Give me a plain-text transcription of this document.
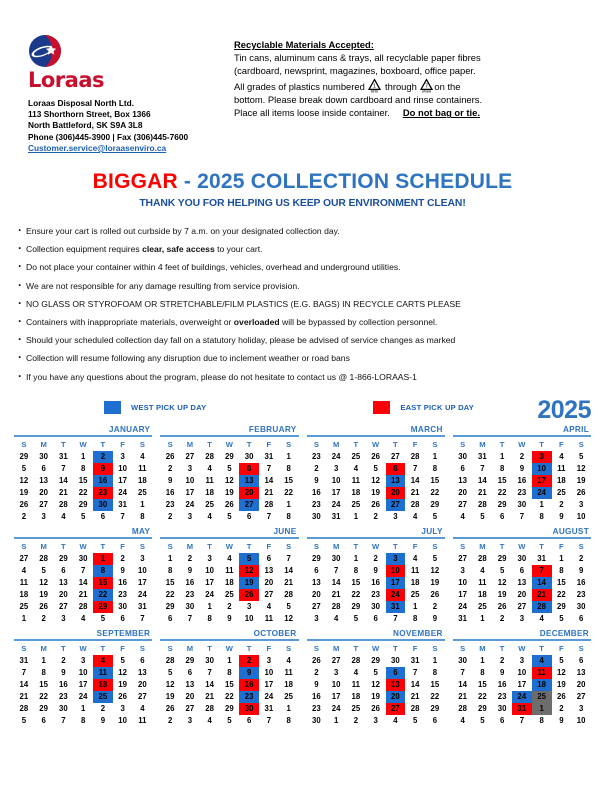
Loraas
Loraas Disposal North Ltd.
113 Shorthorn Street, Box 1366
North Battleford, SK S9A 3L8
Phone (306)445-3900 | Fax (306)445-7600
Customer.service@loraasenviro.ca
Recyclable Materials Accepted:
Tin cans, aluminum cans & trays, all recyclable paper fibres
(cardboard, newsprint, magazines, boxboard, office paper.
All grades of plastics numbered 1
PETE through 7
OTHER
on the
bottom. Please break down cardboard and rinse containers.
Place all items loose inside container. Do not bag or tie.
BIGGAR - 2025 COLLECTION SCHEDULE
THANK YOU FOR HELPING US KEEP OUR ENVIRONMENT CLEAN!
· Ensure your cart is rolled out curbside by 7 a.m. on your designated collection day.
· Collection equipment requires clear, safe access to your cart.
· Do not place your container within 4 feet of buildings, vehicles, overhead and underground utilities.
· We are not responsible for any damage resulting from service provision.
· NO GLASS OR STYROFOAM OR STRETCHABLE/FILM PLASTICS (E.G. BAGS) IN RECYCLE CARTS PLEASE
· Containers with inappropriate materials, overweight or overloaded will be bypassed by collection personnel.
· Should your scheduled collection day fall on a statutory holiday, please be advised of service changes as marked
· Collection will resume following any disruption due to inclement weather or road bans
· If you have any questions about the program, please do not hesitate to contact us @ 1-866-LORAAS-1
WEST PICK UP DAY	EAST PICK UP DAY	2025
JANUARY
S	M	T	W	T	F	S
29	30	31	1	2	3	4
5	6	7	8	9	10	11
12	13	14	15	16	17	18
19	20	21	22	23	24	25
26	27	28	29	30	31	1
2	3	4	5	6	7	8
FEBRUARY
S	M	T	W	T	F	S
26	27	28	29	30	31	1
2	3	4	5	6	7	8
9	10	11	12	13	14	15
16	17	18	19	20	21	22
23	24	25	26	27	28	1
2	3	4	5	6	7	8
MARCH
S	M	T	W	T	F	S
23	24	25	26	27	28	1
2	3	4	5	6	7	8
9	10	11	12	13	14	15
16	17	18	19	20	21	22
23	24	25	26	27	28	29
30	31	1	2	3	4	5
APRIL
S	M	T	W	T	F	S
30	31	1	2	3	4	5
6	7	8	9	10	11	12
13	14	15	16	17	18	19
20	21	22	23	24	25	26
27	28	29	30	1	2	3
4	5	6	7	8	9	10
MAY
S	M	T	W	T	F	S
27	28	29	30	1	2	3
4	5	6	7	8	9	10
11	12	13	14	15	16	17
18	19	20	21	22	23	24
25	26	27	28	29	30	31
1	2	3	4	5	6	7
JUNE
S	M	T	W	T	F	S
1	2	3	4	5	6	7
8	9	10	11	12	13	14
15	16	17	18	19	20	21
22	23	24	25	26	27	28
29	30	1	2	3	4	5
6	7	8	9	10	11	12
JULY
S	M	T	W	T	F	S
29	30	1	2	3	4	5
6	7	8	9	10	11	12
13	14	15	16	17	18	19
20	21	22	23	24	25	26
27	28	29	30	31	1	2
3	4	5	6	7	8	9
AUGUST
S	M	T	W	T	F	S
27	28	29	30	31	1	2
3	4	5	6	7	8	9
10	11	12	13	14	15	16
17	18	19	20	21	22	23
24	25	26	27	28	29	30
31	1	2	3	4	5	6
SEPTEMBER
S	M	T	W	T	F	S
31	1	2	3	4	5	6
7	8	9	10	11	12	13
14	15	16	17	18	19	20
21	22	23	24	25	26	27
28	29	30	1	2	3	4
5	6	7	8	9	10	11
OCTOBER
S	M	T	W	T	F	S
28	29	30	1	2	3	4
5	6	7	8	9	10	11
12	13	14	15	16	17	18
19	20	21	22	23	24	25
26	27	28	29	30	31	1
2	3	4	5	6	7	8
NOVEMBER
S	M	T	W	T	F	S
26	27	28	29	30	31	1
2	3	4	5	6	7	8
9	10	11	12	13	14	15
16	17	18	19	20	21	22
23	24	25	26	27	28	29
30	1	2	3	4	5	6
DECEMBER
S	M	T	W	T	F	S
30	1	2	3	4	5	6
7	8	9	10	11	12	13
14	15	16	17	18	19	20
21	22	23	24	25	26	27
28	29	30	31	1	2	3
4	5	6	7	8	9	10
